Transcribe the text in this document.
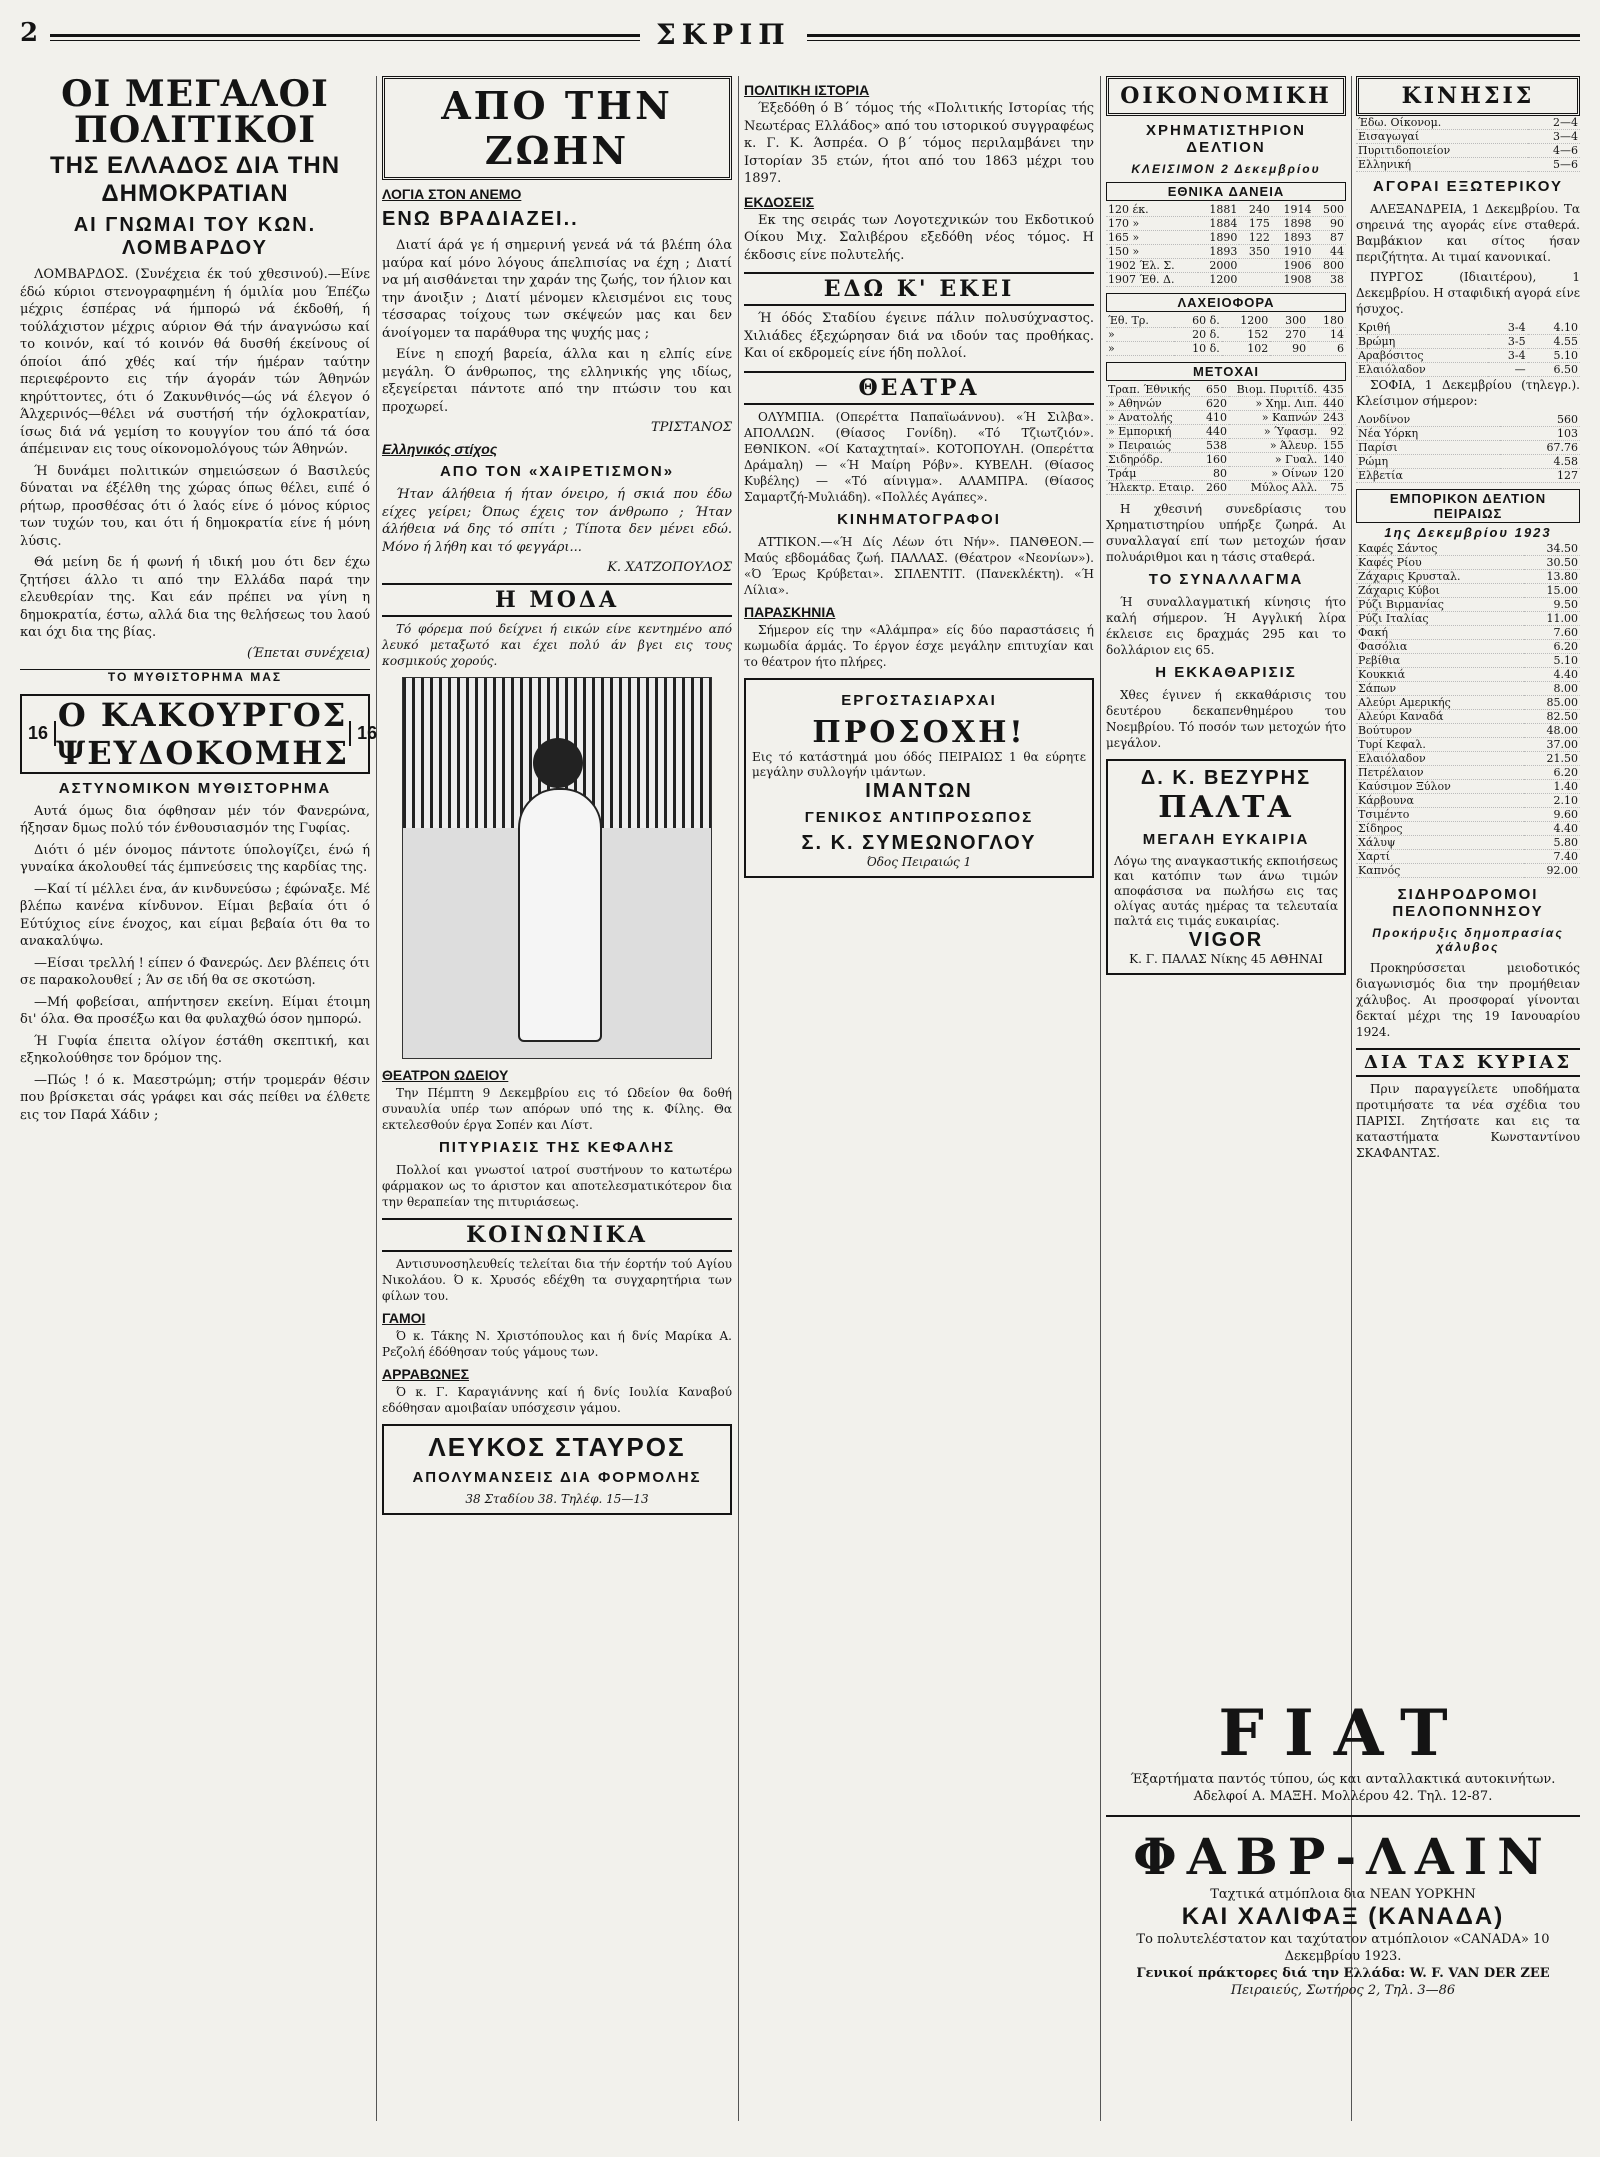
2	ΣΚΡΙΠ
ΟΙ ΜΕΓΑΛΟΙ ΠΟΛΙΤΙΚΟΙ
ΤΗΣ ΕΛΛΑΔΟΣ ΔΙΑ ΤΗΝ ΔΗΜΟΚΡΑΤΙΑΝ
ΑΙ ΓΝΩΜΑΙ ΤΟΥ ΚΩΝ. ΛΟΜΒΑΡΔΟΥ

ΛΟΜΒΑΡΔΟΣ. (Συνέχεια έκ τού χθεσινού).—Είνε έδώ κύριοι στενογραφημένη ή όμιλία μου Έπέζω μέχρις έσπέρας νά ήμπορώ νά έκδοθή, ή τούλάχιστον μέχρις αύριον Θά τήν άναγνώσω καί το κοινόν, καί τό κοινόν θά δυσθή έκείνους οί όποίοι άπό χθές καί τήν ήμέραν ταύτην περιεφέροντο εις τήν άγοράν τών Άθηνών κηρύττοντες, ότι ό Ζακυνθινός—ώς νά έλεγον ό Άλχερινός—θέλει νά συστήσή τήν όχλοκρατίαν, ίσως διά νά γεμίση το κουγγίον του άπό τά όσα άπέμειναν εις τους οίκονομολόγους τών Άθηνών.

Ή δυνάμει πολιτικών σημειώσεων ό Βασιλεύς δύναται να έξέλθη της χώρας όπως θέλει, ειπέ ό ρήτωρ, προσθέσας ότι ό λαός είνε ό μόνος κύριος των τυχών του, και ότι ή δημοκρατία είνε ή μόνη λύσις.

Θά μείνη δε ή φωνή ή ιδική μου ότι δεν έχω ζητήσει άλλο τι από την Ελλάδα παρά την ελευθερίαν της. Και εάν πρέπει να γίνη η δημοκρατία, έστω, αλλά δια της θελήσεως του λαού και όχι δια της βίας.

(Έπεται συνέχεια)
ΤΟ ΜΥΘΙΣΤΟΡΗΜΑ ΜΑΣ
16 Ο ΚΑΚΟΥΡΓΟΣ ΨΕΥΔΟΚΟΜΗΣ
16
ΑΣΤΥΝΟΜΙΚΟΝ ΜΥΘΙΣΤΟΡΗΜΑ

Αυτά όμως δια όφθησαν μέν τόν Φανερώνα, ήξησαν δμως πολύ τόν ένθουσιασμόν της Γυφίας.

Διότι ό μέν όνομος πάντοτε ύπολογίζει, ένώ ή γυναίκα άκολουθεί τάς έμπνεύσεις της καρδίας της.

—Καί τί μέλλει ένα, άν κινδυνεύσω ; έφώναξε. Μέ βλέπω κανένα κίνδυνον. Είμαι βεβαία ότι ό Εύτύχιος είνε ένοχος, και είμαι βεβαία ότι θα το ανακαλύψω.

—Είσαι τρελλή ! είπεν ό Φανερώς. Δεν βλέπεις ότι σε παρακολουθεί ; Άν σε ιδή θα σε σκοτώση.

—Μή φοβείσαι, απήντησεν εκείνη. Είμαι έτοιμη δι' όλα. Θα προσέξω και θα φυλαχθώ όσον ημπορώ.

Ή Γυφία έπειτα ολίγον έστάθη σκεπτική, και εξηκολούθησε τον δρόμον της.

—Πώς ! ό κ. Μαεστρώμη; στήν τρομεράν θέσιν που βρίσκεται σάς γράφει και σάς πείθει να έλθετε εις τον Παρά Χάδιν ;

ΑΠΟ ΤΗΝ ΖΩΗΝ
ΛΟΓΙΑ ΣΤΟΝ ΑΝΕΜΟ
ΕΝΩ ΒΡΑΔΙΑΖΕΙ..

Διατί άρά γε ή σημερινή γενεά νά τά βλέπη όλα μαύρα καί μόνο λόγους άπελπισίας να έχη ; Διατί να μή αισθάνεται την χαράν της ζωής, τον ήλιον και την άνοιξιν ; Διατί μένομεν κλεισμένοι εις τους τέσσαρας τοίχους των σκέψεών μας και δεν άνοίγομεν τα παράθυρα της ψυχής μας ;

Είνε η εποχή βαρεία, άλλα και η ελπίς είνε μεγάλη. Ό άνθρωπος, της ελληνικής γης ιδίως, εξεγείρεται πάντοτε από την πτώσιν του και προχωρεί.

ΤΡΙΣΤΑΝΟΣ
Ελληνικός στίχος
ΑΠΟ ΤΟΝ «ΧΑΙΡΕΤΙΣΜΟΝ»

Ήταν άλήθεια ή ήταν όνειρο, ή σκιά που έδω είχες γείρει; Όπως έχεις τον άνθρωπο ; Ήταν άλήθεια νά δης τό σπίτι ; Τίποτα δεν μένει εδώ. Μόνο ή λήθη και τό φεγγάρι...

Κ. ΧΑΤΖΟΠΟΥΛΟΣ
Η ΜΟΔΑ

Τό φόρεμα πού δείχνει ή εικών είνε κεντημένο από λευκό μεταξωτό και έχει πολύ άν βγει εις τους κοσμικούς χορούς.

ΘΕΑΤΡΟΝ ΩΔΕΙΟΥ

Την Πέμπτη 9 Δεκεμβρίου εις τό Ωδείον θα δοθή συναυλία υπέρ των απόρων υπό της κ. Φίλης. Θα εκτελεσθούν έργα Σοπέν και Λίστ.

ΠΙΤΥΡΙΑΣΙΣ ΤΗΣ ΚΕΦΑΛΗΣ

Πολλοί και γνωστοί ιατροί συστήνουν το κατωτέρω φάρμακον ως το άριστον και αποτελεσματικότερον δια την θεραπείαν της πιτυριάσεως.

ΚΟΙΝΩΝΙΚΑ

Αντισυνοσηλευθείς τελείται δια τήν έορτήν τού Αγίου Νικολάου. Ό κ. Χρυσός εδέχθη τα συγχαρητήρια των φίλων του.

ΓΑΜΟΙ

Ό κ. Τάκης Ν. Χριστόπουλος και ή δνίς Μαρίκα Α. Ρεζολή έδόθησαν τούς γάμους των.

ΑΡΡΑΒΩΝΕΣ

Ό κ. Γ. Καραγιάννης καί ή δνίς Ιουλία Καναβού εδόθησαν αμοιβαίαν υπόσχεσιν γάμου.

ΛΕΥΚΟΣ ΣΤΑΥΡΟΣ
ΑΠΟΛΥΜΑΝΣΕΙΣ ΔΙΑ ΦΟΡΜΟΛΗΣ
38 Σταδίου 38. Τηλέφ. 15—13
ΠΟΛΙΤΙΚΗ ΙΣΤΟΡΙΑ

Έξεδόθη ό Β΄ τόμος τής «Πολιτικής Ιστορίας τής Νεωτέρας Ελλάδος» από του ιστορικού συγγραφέως κ. Γ. Κ. Άσπρέα. Ο β΄ τόμος περιλαμβάνει την Ιστορίαν 35 ετών, ήτοι από του 1863 μέχρι του 1897.

ΕΚΔΟΣΕΙΣ

Εκ της σειράς των Λογοτεχνικών του Εκδοτικού Οίκου Μιχ. Σαλιβέρου εξεδόθη νέος τόμος. Η έκδοσις είνε πολυτελής.

ΕΔΩ Κ' ΕΚΕΙ

Ή όδός Σταδίου έγεινε πάλιν πολυσύχναστος. Χιλιάδες έξεχώρησαν διά να ιδούν τας προθήκας. Και οί εκδρομείς είνε ήδη πολλοί.

ΘΕΑΤΡΑ

ΟΛΥΜΠΙΑ. (Οπερέττα Παπαϊωάννου). «Ή Σιλβα». ΑΠΟΛΛΩΝ. (Θίασος Γονίδη). «Τό Τζιωτζιόν». ΕΘΝΙΚΟΝ. «Οί Καταχτηταί». ΚΟΤΟΠΟΥΛΗ. (Οπερέττα Δράμαλη) — «Ή Μαίρη Ρόβν». ΚΥΒΕΛΗ. (Θίασος Κυβέλης) — «Τό αίνιγμα». ΑΛΑΜΠΡΑ. (Θίασος Σαμαρτζή-Μυλιάδη). «Πολλές Αγάπες».

ΚΙΝΗΜΑΤΟΓΡΑΦΟΙ

ΑΤΤΙΚΟΝ.—«Ή Δίς Λέων ότι Νήν». ΠΑΝΘΕΟΝ.—Μαύς εβδομάδας ζωή. ΠΑΛΛΑΣ. (Θέατρον «Νεονίων»). «Ό Έρως Κρύβεται». ΣΠΛΕΝΤΙΤ. (Πανεκλέκτη). «Ή Λίλια».

ΠΑΡΑΣΚΗΝΙΑ

Σήμερον είς την «Αλάμπρα» είς δύο παραστάσεις ή κωμωδία άρμάς. Το έργον έσχε μεγάλην επιτυχίαν και το θέατρον ήτο πλήρες.

ΕΡΓΟΣΤΑΣΙΑΡΧΑΙ
ΠΡΟΣΟΧΗ!
Εις τό κατάστημά μου όδός ΠΕΙΡΑΙΩΣ 1 θα εύρητε μεγάλην συλλογήν ιμάντων.
ΙΜΑΝΤΩΝ
ΓΕΝΙΚΟΣ ΑΝΤΙΠΡΟΣΩΠΟΣ
Σ. Κ. ΣΥΜΕΩΝΟΓΛΟΥ
Όδος Πειραιώς 1
ΟΙΚΟΝΟΜΙΚΗ
ΧΡΗΜΑΤΙΣΤΗΡΙΟΝ ΔΕΛΤΙΟΝ
ΚΛΕΙΣΙΜΟΝ 2 Δεκεμβρίου
ΕΘΝΙΚΑ ΔΑΝΕΙΑ
120 έκ.	1881	240	1914	500
170 »	1884	175	1898	90
165 »	1890	122	1893	87
150 »	1893	350	1910	44
1902 Έλ. Σ.	2000		1906	800
1907 Έθ. Δ.	1200		1908	38
ΛΑΧΕΙΟΦΟΡΑ
Έθ. Τρ.	60 δ.	1200	300	180
»	20 δ.	152	270	14
»	10 δ.	102	90	6
ΜΕΤΟΧΑΙ
Τραπ. Έθνικής	650	Βιομ. Πυριτίδ.	435
» Αθηνών	620	» Χημ. Λιπ.	440
» Ανατολής	410	» Καπνών	243
» Εμπορική	440	» Ύφασμ.	92
» Πειραιώς	538	» Άλευρ.	155
Σιδηρόδρ.	160	» Γυαλ.	140
Τράμ	80	» Οίνων	120
Ήλεκτρ. Εταιρ.	260	Μύλος Αλλ.	75

Η χθεσινή συνεδρίασις του Χρηματιστηρίου υπήρξε ζωηρά. Αι συναλλαγαί επί των μετοχών ήσαν πολυάριθμοι και η τάσις σταθερά.

ΤΟ ΣΥΝΑΛΛΑΓΜΑ

Ή συναλλαγματική κίνησις ήτο καλή σήμερον. Ή Αγγλική λίρα έκλεισε εις δραχμάς 295 και το δολλάριον εις 65.

Η ΕΚΚΑΘΑΡΙΣΙΣ

Χθες έγινεν ή εκκαθάρισις του δευτέρου δεκαπενθημέρου του Νοεμβρίου. Τό ποσόν των μετοχών ήτο μεγάλον.

Δ. Κ. ΒΕΖΥΡΗΣ
ΠΑΛΤΑ
ΜΕΓΑΛΗ ΕΥΚΑΙΡΙΑ
Λόγω της αναγκαστικής εκποιήσεως και κατόπιν των άνω τιμών αποφάσισα να πωλήσω εις τας ολίγας αυτάς ημέρας τα τελευταία παλτά εις τιμάς ευκαιρίας.
VIGOR
Κ. Γ. ΠΑΛΑΣ Νίκης 45 ΑΘΗΝΑΙ
ΚΙΝΗΣΙΣ
Έδω. Οίκονομ.	2—4
Εισαγωγαί	3—4
Πυριτιδοποιείον	4—6
Ελληνική	5—6
ΑΓΟΡΑΙ ΕΞΩΤΕΡΙΚΟΥ

ΑΛΕΞΑΝΔΡΕΙΑ, 1 Δεκεμβρίου. Τα σηρεινά της αγοράς είνε σταθερά. Βαμβάκιον και σίτος ήσαν περιζήτητα. Αι τιμαί κανονικαί.

ΠΥΡΓΟΣ (Ιδιαιτέρου), 1 Δεκεμβρίου. Η σταφιδική αγορά είνε ήσυχος.

Κριθή	3-4	4.10
Βρώμη	3-5	4.55
Αραβόσιτος	3-4	5.10
Ελαιόλαδον	—	6.50

ΣΟΦΙΑ, 1 Δεκεμβρίου (τηλεγρ.). Κλείσιμον σήμερον:

Λονδίνον	560
Νέα Υόρκη	103
Παρίσι	67.76
Ρώμη	4.58
Ελβετία	127
ΕΜΠΟΡΙΚΟΝ ΔΕΛΤΙΟΝ ΠΕΙΡΑΙΩΣ
1ης Δεκεμβρίου 1923
Καφές Σάντος	34.50
Καφές Ρίου	30.50
Ζάχαρις Κρυσταλ.	13.80
Ζάχαρις Κύβοι	15.00
Ρύζι Βιρμανίας	9.50
Ρύζι Ιταλίας	11.00
Φακή	7.60
Φασόλια	6.20
Ρεβίθια	5.10
Κουκκιά	4.40
Σάπων	8.00
Αλεύρι Αμερικής	85.00
Αλεύρι Καναδά	82.50
Βούτυρον	48.00
Τυρί Κεφαλ.	37.00
Ελαιόλαδον	21.50
Πετρέλαιον	6.20
Καύσιμον Ξύλον	1.40
Κάρβουνα	2.10
Τσιμέντο	9.60
Σίδηρος	4.40
Χάλυψ	5.80
Χαρτί	7.40
Καπνός	92.00
ΣΙΔΗΡΟΔΡΟΜΟΙ ΠΕΛΟΠΟΝΝΗΣΟΥ
Προκήρυξις δημοπρασίας χάλυβος

Προκηρύσσεται μειοδοτικός διαγωνισμός δια την προμήθειαν χάλυβος. Αι προσφοραί γίνονται δεκταί μέχρι της 19 Ιανουαρίου 1924.

ΔΙΑ ΤΑΣ ΚΥΡΙΑΣ

Πριν παραγγείλετε υποδήματα προτιμήσατε τα νέα σχέδια του ΠΑΡΙΣΙ. Ζητήσατε και εις τα καταστήματα Κωνσταντίνου ΣΚΑΦΑΝΤΑΣ.

FIAT
Έξαρτήματα παντός τύπου, ώς και ανταλλακτικά αυτοκινήτων. Αδελφοί Α. ΜΑΞΗ. Μολλέρου 42. Τηλ. 12-87.
ΦΑΒΡ-ΛΑΙΝ
Ταχτικά ατμόπλοια δια ΝΕΑΝ ΥΟΡΚΗΝ
ΚΑΙ ΧΑΛΙΦΑΞ (ΚΑΝΑΔΑ)
Το πολυτελέστατον και ταχύτατον ατμόπλοιον «CANADA» 10 Δεκεμβρίου 1923.
Γενικοί πράκτορες διά την Ελλάδα: W. F. VAN DER ZEE
Πειραιεύς, Σωτήρος 2, Τηλ. 3—86
